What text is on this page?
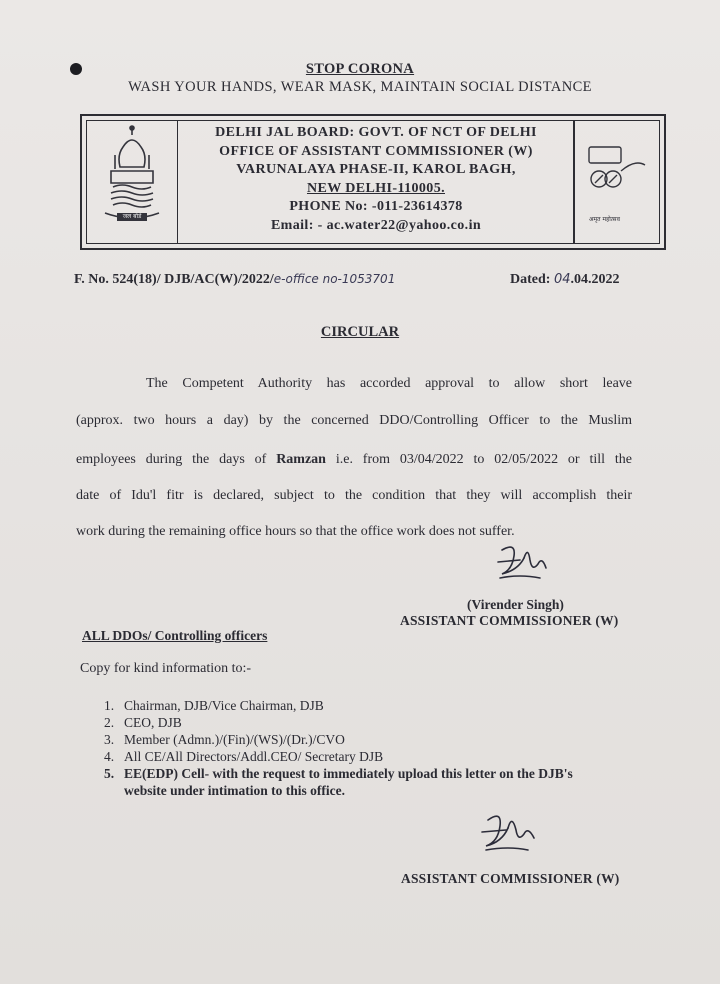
STOP CORONA
WASH YOUR HANDS, WEAR MASK, MAINTAIN SOCIAL DISTANCE
जल बोर्ड
DELHI JAL BOARD: GOVT. OF NCT OF DELHI
OFFICE OF ASSISTANT COMMISSIONER (W)
VARUNALAYA PHASE-II, KAROL BAGH,
NEW DELHI-110005.
PHONE No: -011-23614378
Email: - ac.water22@yahoo.co.in	अमृत महोत्सव
F. No. 524(18)/ DJB/AC(W)/2022/e-office no-1053701	Dated: 04.04.2022
CIRCULAR
The Competent Authority has accorded approval to allow short leave
(approx. two hours a day) by the concerned DDO/Controlling Officer to the Muslim
employees during the days of Ramzan i.e. from 03/04/2022 to 02/05/2022 or till the
date of Idu'l fitr is declared, subject to the condition that they will accomplish their
work during the remaining office hours so that the office work does not suffer.
(Virender Singh)
ASSISTANT COMMISSIONER (W)
ALL DDOs/ Controlling officers
Copy for kind information to:-
1. Chairman, DJB/Vice Chairman, DJB
2. CEO, DJB
3. Member (Admn.)/(Fin)/(WS)/(Dr.)/CVO
4. All CE/All Directors/Addl.CEO/ Secretary DJB
5. EE(EDP) Cell- with the request to immediately upload this letter on the DJB's
website under intimation to this office.
ASSISTANT COMMISSIONER (W)
